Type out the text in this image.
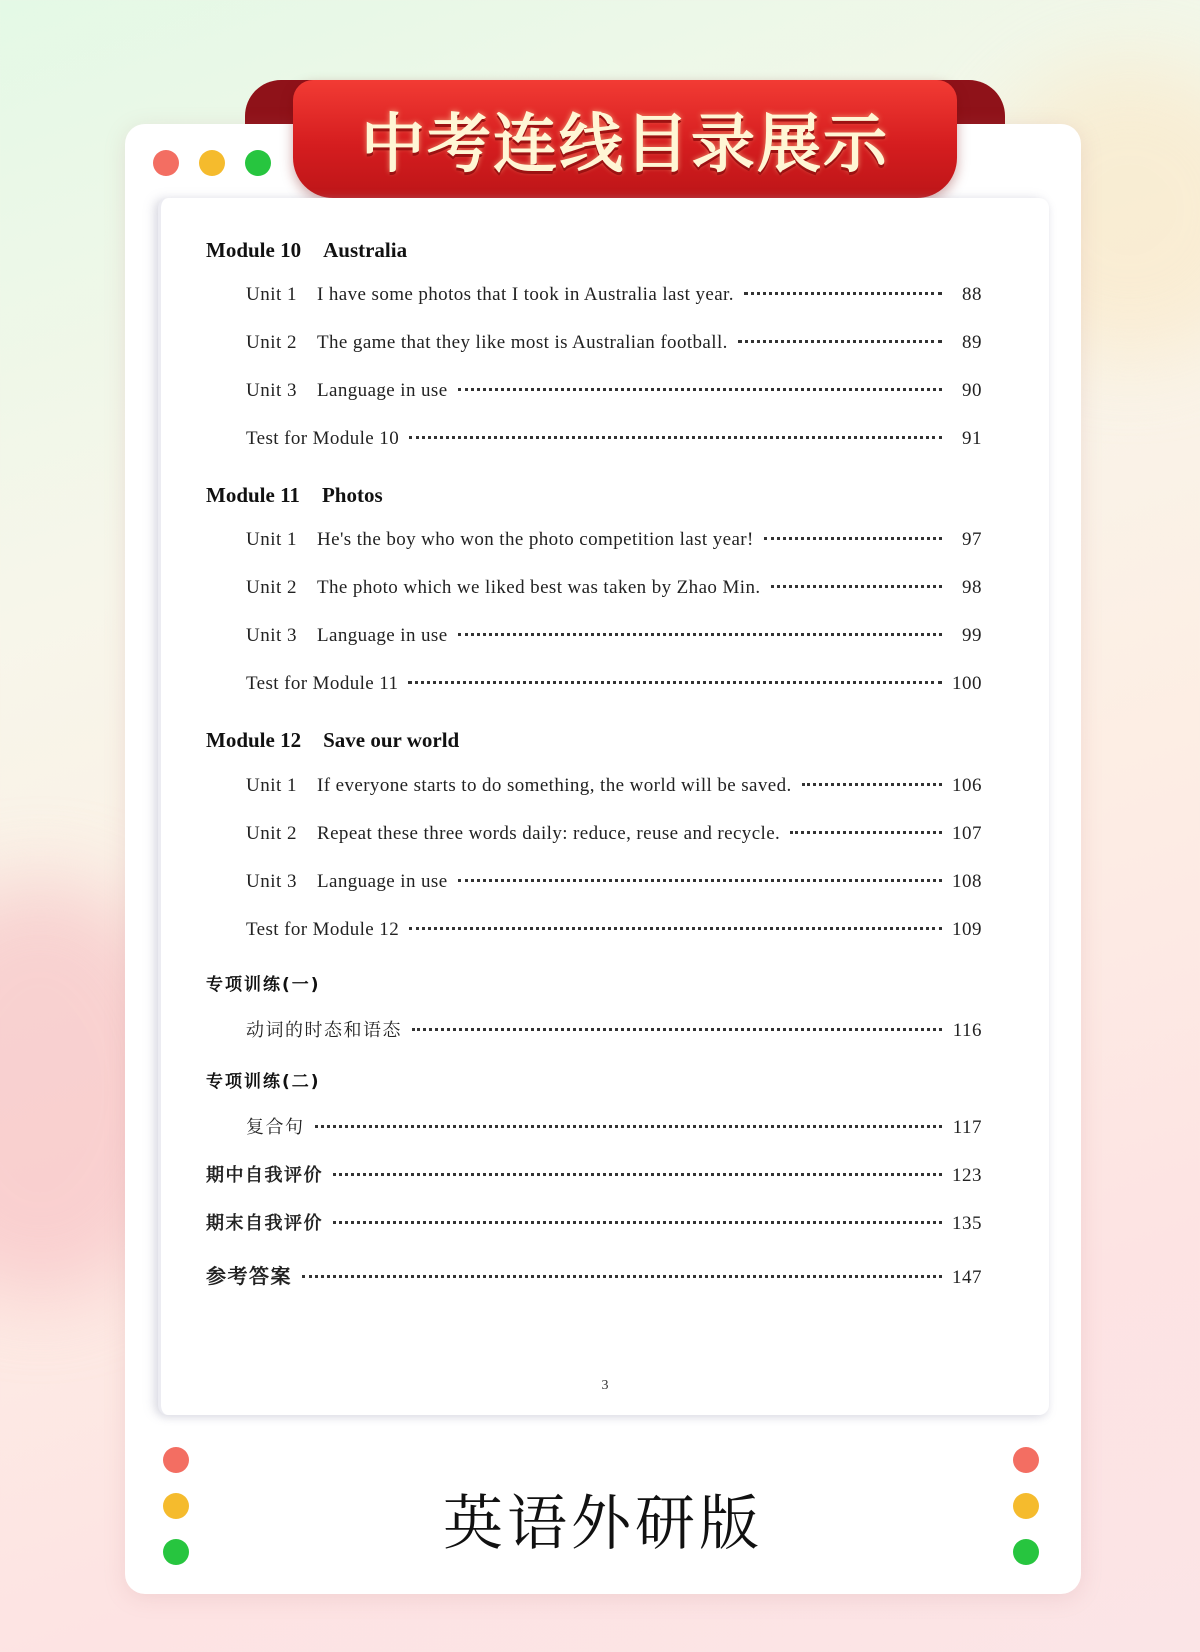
英语外研版
中考连线目录展示
Module 10 Australia
Unit 1 I have some photos that I took in Australia last year.	88
Unit 2 The game that they like most is Australian football.	89
Unit 3 Language in use	90
Test for Module 10	91
Module 11 Photos
Unit 1 He's the boy who won the photo competition last year!	97
Unit 2 The photo which we liked best was taken by Zhao Min.	98
Unit 3 Language in use	99
Test for Module 11	100
Module 12 Save our world
Unit 1 If everyone starts to do something, the world will be saved.	106
Unit 2 Repeat these three words daily: reduce, reuse and recycle.	107
Unit 3 Language in use	108
Test for Module 12	109
专项训练(一)
动词的时态和语态	116
专项训练(二)
复合句	117
期中自我评价	123
期末自我评价	135
参考答案	147
3
